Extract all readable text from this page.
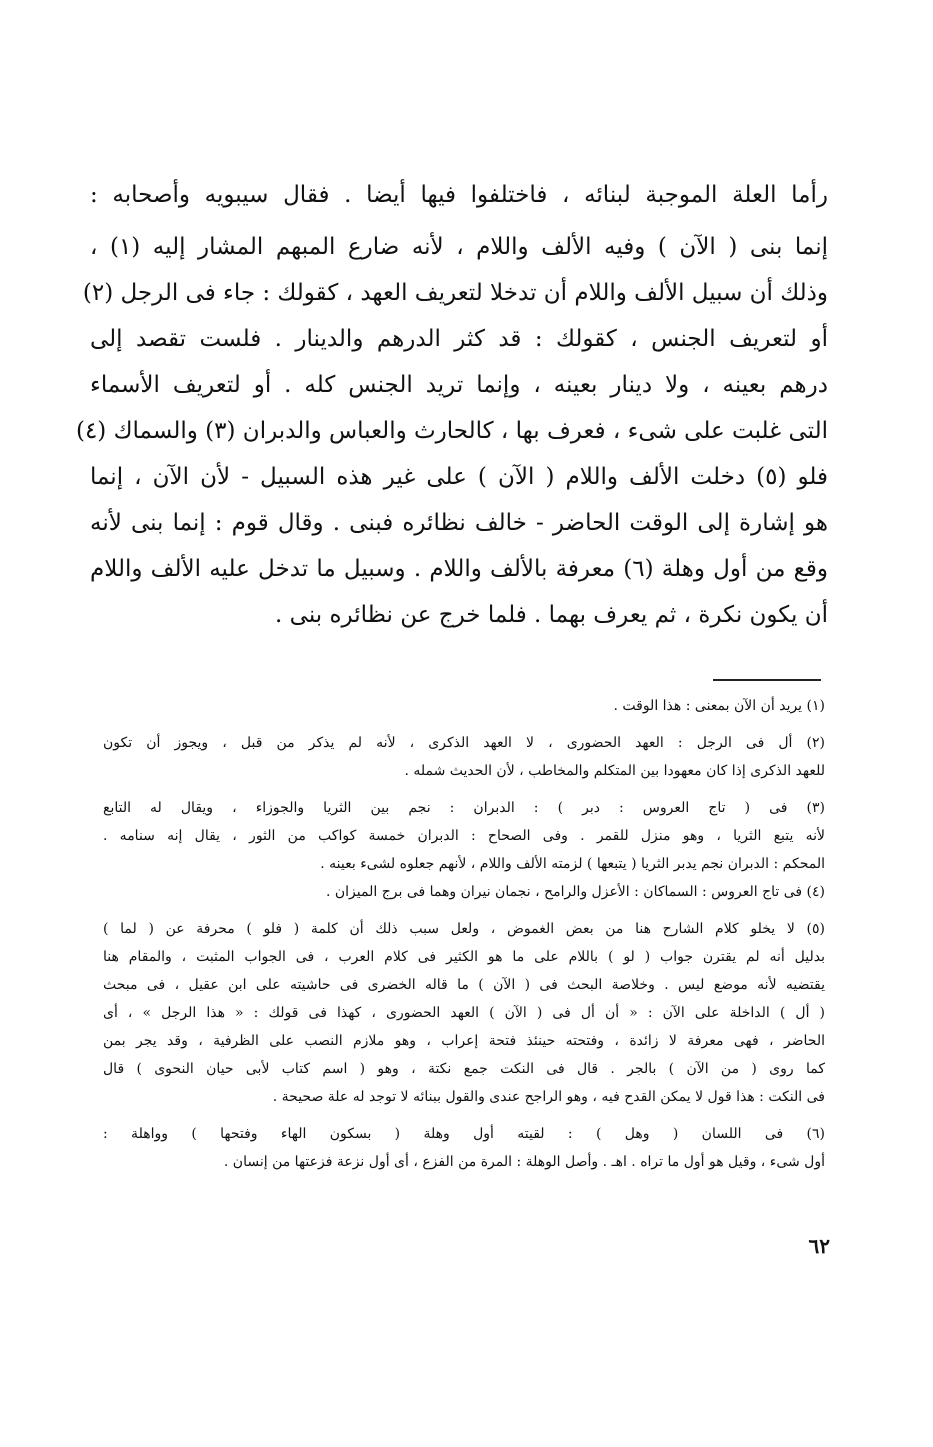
رأما العلة الموجبة لبنائه ، فاختلفوا فيها أيضا . فقال سيبويه وأصحابه :
إنما بنى ( الآن ) وفيه الألف واللام ، لأنه ضارع المبهم المشار إليه (١) ،
وذلك أن سبيل الألف واللام أن تدخلا لتعريف العهد ، كقولك : جاء فى الرجل (٢)
أو لتعريف الجنس ، كقولك : قد كثر الدرهم والدينار . فلست تقصد إلى
درهم بعينه ، ولا دينار بعينه ، وإنما تريد الجنس كله . أو لتعريف الأسماء
التى غلبت على شىء ، فعرف بها ، كالحارث والعباس والدبران (٣) والسماك (٤)
فلو (٥) دخلت الألف واللام ( الآن ) على غير هذه السبيل - لأن الآن ، إنما
هو إشارة إلى الوقت الحاضر - خالف نظائره فبنى . وقال قوم : إنما بنى لأنه
وقع من أول وهلة (٦) معرفة بالألف واللام . وسبيل ما تدخل عليه الألف واللام
أن يكون نكرة ، ثم يعرف بهما . فلما خرج عن نظائره بنى .
(١) يريد أن الآن بمعنى : هذا الوقت .
(٢) أل فى الرجل : العهد الحضورى ، لا العهد الذكرى ، لأنه لم يذكر من قبل ، ويجوز أن تكون
للعهد الذكرى إذا كان معهودا بين المتكلم والمخاطب ، لأن الحديث شمله .
(٣) فى ( تاج العروس : دبر ) : الدبران : نجم بين الثريا والجوزاء ، ويقال له التابع
لأنه يتبع الثريا ، وهو منزل للقمر . وفى الصحاح : الدبران خمسة كواكب من الثور ، يقال إنه سنامه .
المحكم : الدبران نجم يدبر الثريا ( يتبعها ) لزمته الألف واللام ، لأنهم جعلوه لشىء بعينه .
(٤) فى تاج العروس : السماكان : الأعزل والرامح ، نجمان نيران وهما فى برج الميزان .
(٥) لا يخلو كلام الشارح هنا من بعض الغموض ، ولعل سبب ذلك أن كلمة ( فلو ) محرفة عن ( لما )
بدليل أنه لم يقترن جواب ( لو ) باللام على ما هو الكثير فى كلام العرب ، فى الجواب المثبت ، والمقام هنا
يقتضيه لأنه موضع ليس . وخلاصة البحث فى ( الآن ) ما قاله الخضرى فى حاشيته على ابن عقيل ، فى مبحث
( أل ) الداخلة على الآن : « أن أل فى ( الآن ) العهد الحضورى ، كهذا فى قولك : « هذا الرجل » ، أى
الحاضر ، فهى معرفة لا زائدة ، وفتحته حينئذ فتحة إعراب ، وهو ملازم النصب على الظرفية ، وقد يجر بمن
كما روى ( من الآن ) بالجر . قال فى النكت جمع نكتة ، وهو ( اسم كتاب لأبى حيان النحوى ) قال
فى النكت : هذا قول لا يمكن القدح فيه ، وهو الراجح عندى والقول ببنائه لا توجد له علة صحيحة .
(٦) فى اللسان ( وهل ) : لقيته أول وهلة ( بسكون الهاء وفتحها ) وواهلة :
أول شىء ، وقيل هو أول ما تراه . اهـ . وأصل الوهلة : المرة من الفزع ، أى أول نزعة فزعتها من إنسان .
٦٢
